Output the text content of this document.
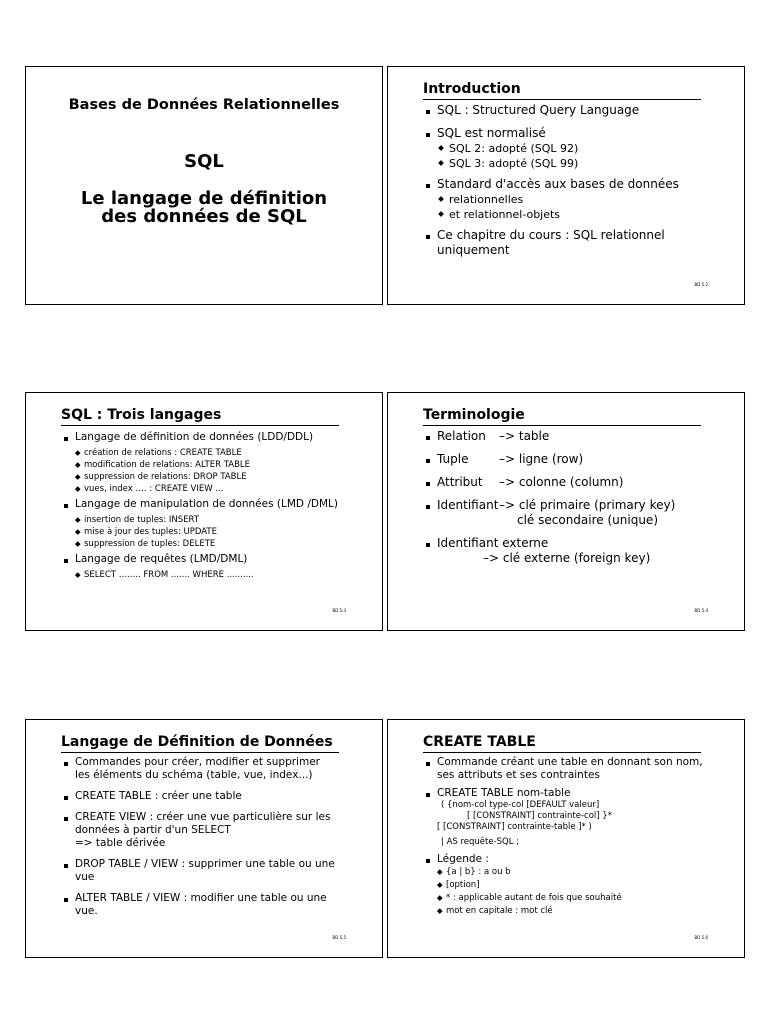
Bases de Données Relationnelles
SQL
Le langage de définition
des données de SQL
Introduction
SQL : Structured Query Language
SQL est normalisé
SQL 2: adopté (SQL 92)
SQL 3: adopté (SQL 99)
Standard d'accès aux bases de données
relationnelles
et relationnel-objets
Ce chapitre du cours : SQL relationnel uniquement
BD.5.2
SQL : Trois langages
Langage de définition de données (LDD/DDL)
création de relations : CREATE TABLE
modification de relations: ALTER TABLE
suppression de relations: DROP TABLE
vues, index …. : CREATE VIEW ...
Langage de manipulation de données (LMD /DML)
insertion de tuples: INSERT
mise à jour des tuples: UPDATE
suppression de tuples: DELETE
Langage de requêtes (LMD/DML)
SELECT …..... FROM ....... WHERE ..........
BD.5.3
Terminologie
Relation –> table
Tuple	–> ligne (row)
Attribut –> colonne (column)
Identifiant–> clé primaire (primary key)
clé secondaire (unique)
Identifiant externe
–> clé externe (foreign key)
BD.5.4
Langage de Définition de Données
Commandes pour créer, modifier et supprimer les éléments du schéma (table, vue, index...)
CREATE TABLE : créer une table
CREATE VIEW : créer une vue particulière sur les données à partir d'un SELECT
=> table dérivée
DROP TABLE / VIEW : supprimer une table ou une vue
ALTER TABLE / VIEW : modifier une table ou une vue.
BD.5.5
CREATE TABLE
Commande créant une table en donnant son nom, ses attributs et ses contraintes
CREATE TABLE nom-table
( {nom-col type-col [DEFAULT valeur]
[ [CONSTRAINT] contrainte-col] }*
[ [CONSTRAINT] contrainte-table ]* )
| AS requête-SQL ;
Légende :
{a | b} : a ou b
[option]
* : applicable autant de fois que souhaité
mot en capitale : mot clé
BD.5.6
